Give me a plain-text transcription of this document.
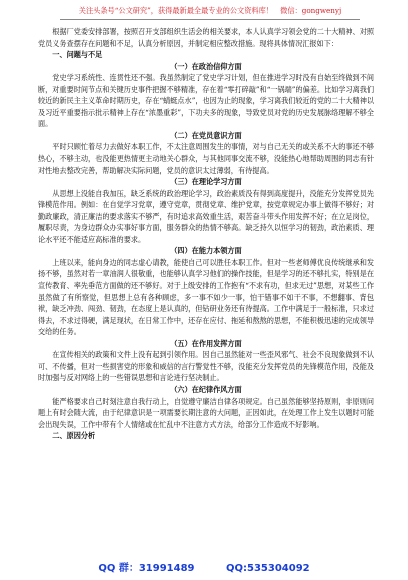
关注头条号“公文研究”，获得最新最全最专业的公文资料库！　微信：gongwenyj

根据厂党委安排部署，按照召开支部组织生活会的相关要求，本人认真学习领会党的二十大精神、对照党员义务查摆存在问题和不足，认真分析原因，并制定相应整改措施。现将具体情况汇报如下：

一、问题与不足

（一）在政治信仰方面

党史学习系统性、连贯性还不强。我虽然制定了党史学习计划，但在推进学习时没有自始至终做到不间断，对重要时间节点和关键历史事件把握不够精准，存在着“零打碎敲”和“一锅端”的偏差。比如学习离我们较近的新民主主义革命时期历史，存在“蜻蜓点水”，也因为止的现象，学习离我们较近的党的二十大精神以及习近平重要指示批示精神上存在“浓墨重彩”，下功夫多的现象，导致党员对党的历史发展脉络理解不够全面。

（二）在党员意识方面

平时只顾忙着尽力去做好本职工作，不太注意周围发生的事情，对与自己无关的或关系不大的事还不够热心，不够主动，也没能更热情更主动地关心群众，与其他同事交流不够，没能热心地帮助周围的同志有针对性地去整改完善，帮助解决实际问题，党员的意识太过薄弱，有待提高。

（三）在理论学习方面

从思想上没能自我加压，缺乏系统的政治理论学习，政治素质没有得到高度提升，没能充分发挥党员先锋模范作用。例如：在自觉学习党章，遵守党章，贯彻党章、维护党章，按党章规定办事上做得不够好；对勤政廉政，清正廉洁的要求落实不够严，有时追求高效重生活，艰苦奋斗带头作用发挥不好；在立足岗位，履职尽责，为身边群众办实事好事方面，服务群众的热情不够高。缺乏持久以恒学习的韧劲，政治素质、理论水平还不能适应高标准的要求。

（四）在能力本领方面

上班以来，能向身边的同志虚心请教，能使自己可以胜任本职工作。但对一些老师傅优良传统继承和发扬不够，虽然对若一章油润人很敬重，也能够认真学习他们的操作技能，但是学习的还不够扎实，特别是在宣传教育、率先垂范方面做的还不够好。对于上级安排的工作抱有“不求有功，但求无过”思想，对某些工作虽然做了有所察觉，但思想上总有各种顾虑，多一事不如少一事，怕干错事不如干不事，不想翻事、背包袱，缺乏冲劲、闯劲、韧劲，在态度上是认真的，但钻研业务还有待提高。工作中满足于一般标准，只求过得去，不求过得硬，满足现状，在日常工作中，还存在应付、拖延和熬熬的思想，不能积极迅速的完成领导交给的任务。

（五）在作用发挥方面

在宣传相关的政策和文件上没有起到引领作用。因自己虽然能对一些歪风邪气、社会不良现象做到不认可、不传播，但对一些损害党的形象和威信的言行警觉性不够，没能充分发挥党员的先锋模范作用，没能及时加强与反对网络上的一些错误思想和言论进行坚决制止。

（六）在纪律作风方面

能严格要求自己时刻注意自我行动上，自觉遵守廉洁自律各项规定。自己虽然能够坚持原则，非原则问题上有时会随大流，由于纪律意识是一项需要长期注意的大问题，正因如此，在处理工作上发生以题时可能会出现失误，工作中带有个人情绪或在忙乱中不注意方式方法，给部分工作造成不好影响。

二、原因分析

QQ 群：31991489	QQ:535304092
